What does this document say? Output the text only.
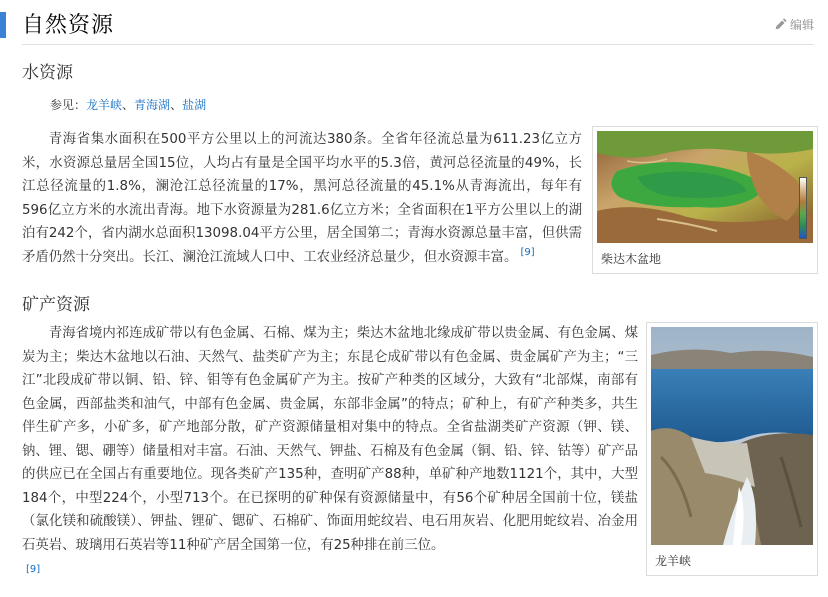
自然资源	编辑
水资源
参见：龙羊峡、青海湖、盐湖

青海省集水面积在500平方公里以上的河流达380条。全省年径流总量为611.23亿立方米，水资源总量居全国15位，人均占有量是全国平均水平的5.3倍，黄河总径流量的49%，长江总径流量的1.8%，澜沧江总径流量的17%，黑河总径流量的45.1%从青海流出，每年有596亿立方米的水流出青海。地下水资源量为281.6亿立方米；全省面积在1平方公里以上的湖泊有242个，省内湖水总面积13098.04平方公里，居全国第二；青海水资源总量丰富，但供需矛盾仍然十分突出。长江、澜沧江流域人口中、工农业经济总量少，但水资源丰富。 [9]	柴达木盆地
矿产资源

青海省境内祁连成矿带以有色金属、石棉、煤为主；柴达木盆地北缘成矿带以贵金属、有色金属、煤炭为主；柴达木盆地以石油、天然气、盐类矿产为主；东昆仑成矿带以有色金属、贵金属矿产为主；“三江”北段成矿带以铜、铅、锌、钼等有色金属矿产为主。按矿产种类的区域分，大致有“北部煤，南部有色金属，西部盐类和油气，中部有色金属、贵金属，东部非金属”的特点；矿种上，有矿产种类多，共生伴生矿产多，小矿多，矿产地部分散，矿产资源储量相对集中的特点。全省盐湖类矿产资源（钾、镁、钠、锂、锶、硼等）储量相对丰富。石油、天然气、钾盐、石棉及有色金属（铜、铅、锌、钴等）矿产品的供应已在全国占有重要地位。现各类矿产135种，查明矿产88种，单矿种产地数1121个，其中，大型184个，中型224个，小型713个。在已探明的矿种保有资源储量中，有56个矿种居全国前十位，镁盐（氯化镁和硫酸镁）、钾盐、锂矿、锶矿、石棉矿、饰面用蛇纹岩、电石用灰岩、化肥用蛇纹岩、冶金用石英岩、玻璃用石英岩等11种矿产居全国第一位，有25种排在前三位。

[9]
龙羊峡
